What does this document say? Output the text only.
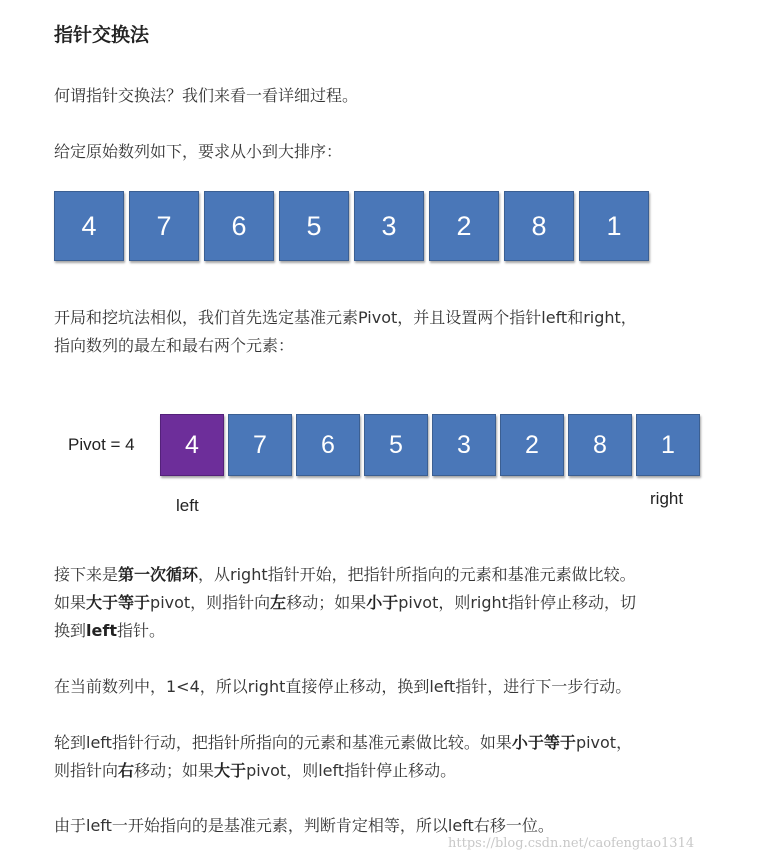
指针交换法
何谓指针交换法？我们来看一看详细过程。
给定原始数列如下，要求从小到大排序：
4	7	6	5	3	2	8	1
开局和挖坑法相似，我们首先选定基准元素Pivot，并且设置两个指针left和right，
指向数列的最左和最右两个元素：
Pivot = 4	4	7	6	5	3	2	8	1
left	right
接下来是第一次循环，从right指针开始，把指针所指向的元素和基准元素做比较。
如果大于等于pivot，则指针向左移动；如果小于pivot，则right指针停止移动，切
换到left指针。
在当前数列中，1<4，所以right直接停止移动，换到left指针，进行下一步行动。
轮到left指针行动，把指针所指向的元素和基准元素做比较。如果小于等于pivot，
则指针向右移动；如果大于pivot，则left指针停止移动。
由于left一开始指向的是基准元素，判断肯定相等，所以left右移一位。
https://blog.csdn.net/caofengtao1314
